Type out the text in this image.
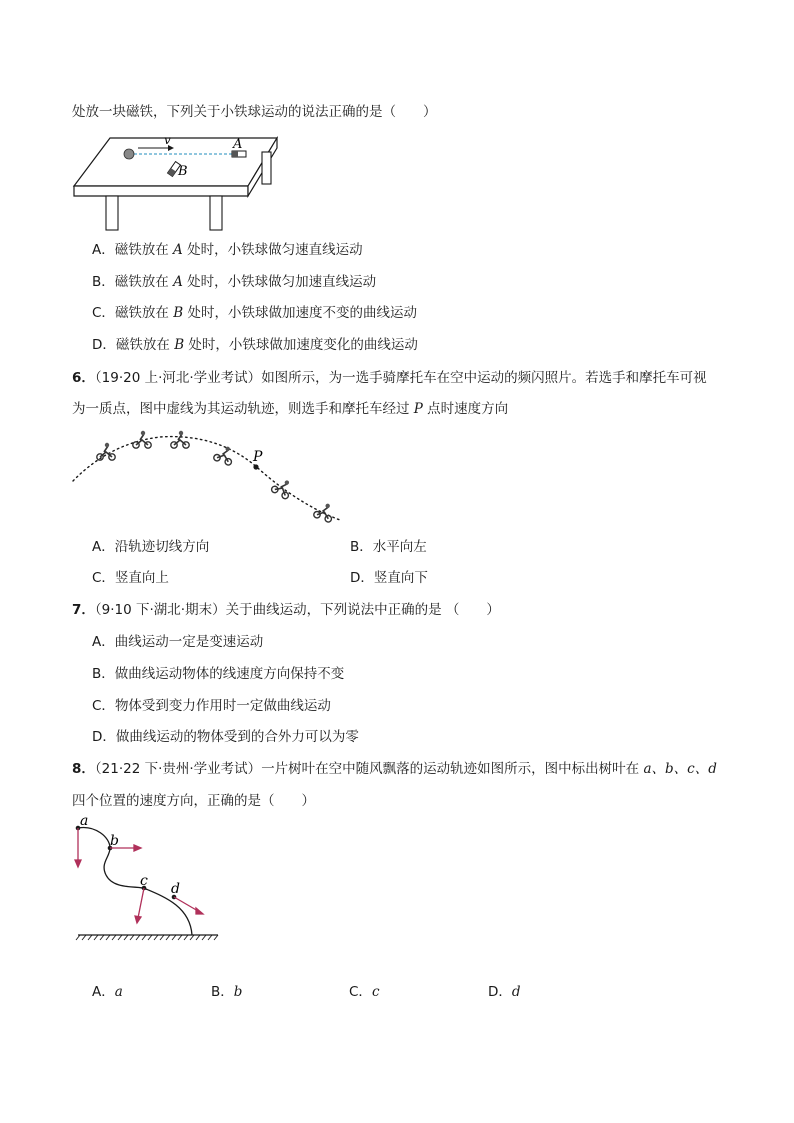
处放一块磁铁，下列关于小铁球运动的说法正确的是（　　）
v	A
B
A．磁铁放在 A 处时，小铁球做匀速直线运动
B．磁铁放在 A 处时，小铁球做匀加速直线运动
C．磁铁放在 B 处时，小铁球做加速度不变的曲线运动
D．磁铁放在 B 处时，小铁球做加速度变化的曲线运动
6．（19·20 上·河北·学业考试）如图所示，为一选手骑摩托车在空中运动的频闪照片。若选手和摩托车可视
为一质点，图中虚线为其运动轨迹，则选手和摩托车经过 P 点时速度方向
P
A．沿轨迹切线方向	B．水平向左
C．竖直向上	D．竖直向下
7．（9·10 下·湖北·期末）关于曲线运动，下列说法中正确的是 （　　）
A．曲线运动一定是变速运动
B．做曲线运动物体的线速度方向保持不变
C．物体受到变力作用时一定做曲线运动
D．做曲线运动的物体受到的合外力可以为零
8．（21·22 下·贵州·学业考试）一片树叶在空中随风飘落的运动轨迹如图所示，图中标出树叶在 a、b、c、d
四个位置的速度方向，正确的是（　　）
a
b
c d
A．a	B．b	C．c	D．d
